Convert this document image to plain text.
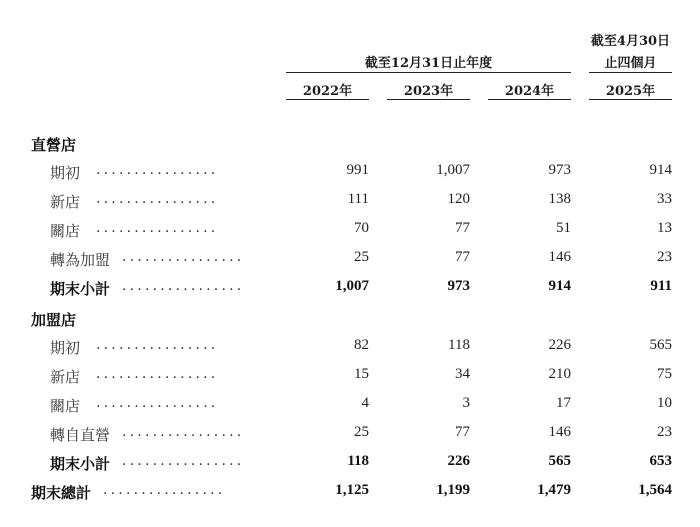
截至4月30日
截至12月31日止年度	止四個月
2022年	2023年	2024年	2025年
直營店
期初 ................	991	1,007	973	914
新店 ................	111	120	138	33
關店 ................	70	77	51	13
轉為加盟 ................	25	77	146	23
期末小計 ................	1,007	973	914	911
加盟店
期初 ................	82	118	226	565
新店 ................	15	34	210	75
關店 ................	4	3	17	10
轉自直營 ................	25	77	146	23
期末小計 ................	118	226	565	653
期末總計 ................	1,125	1,199	1,479	1,564
